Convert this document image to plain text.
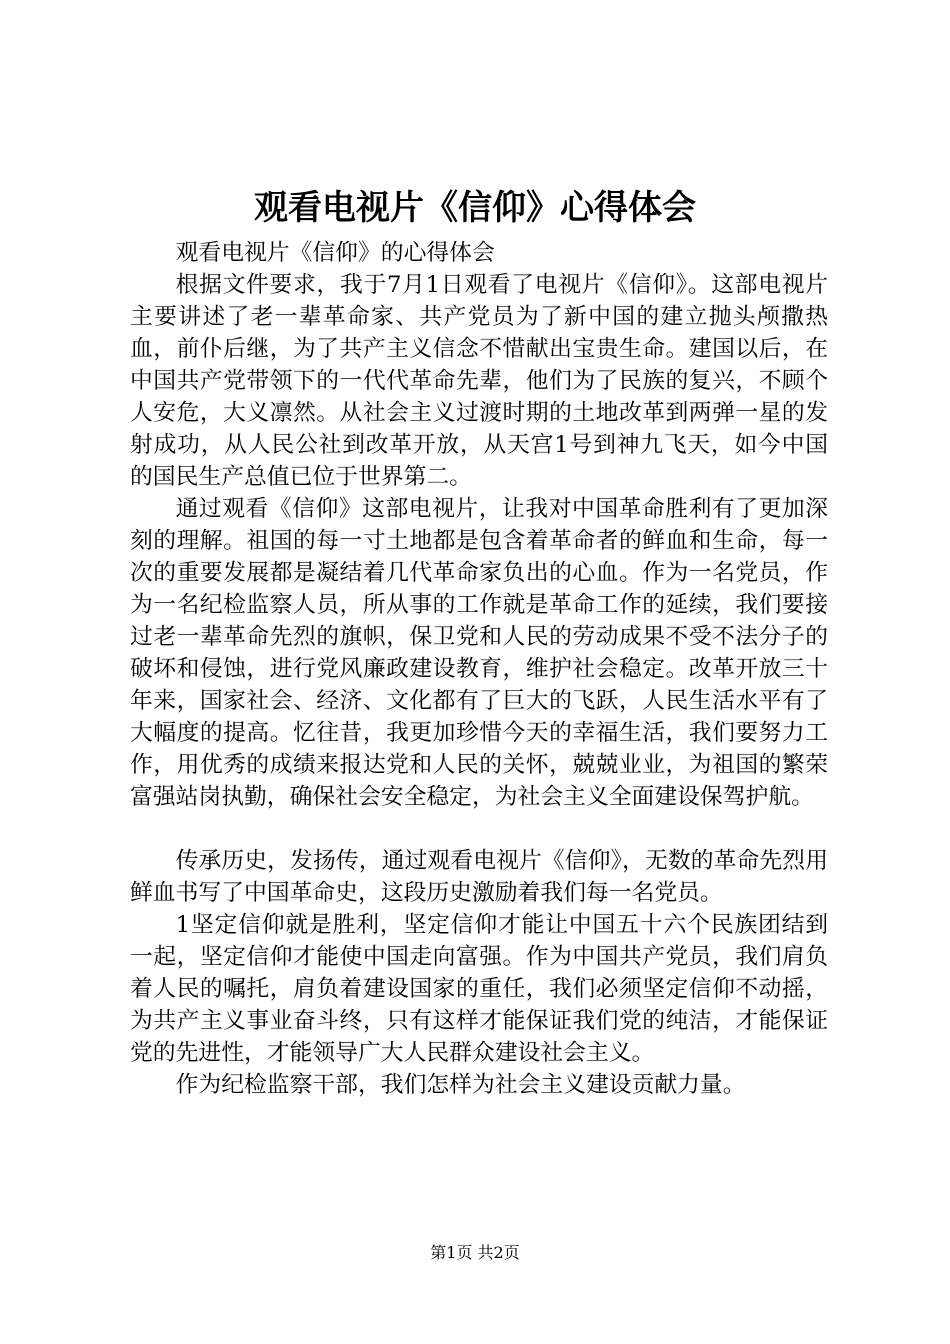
观看电视片《信仰》心得体会

观看电视片《信仰》的心得体会

根据文件要求，我于7月1日观看了电视片《信仰》。这部电视片主要讲述了老一辈革命家、共产党员为了新中国的建立抛头颅撒热血，前仆后继，为了共产主义信念不惜献出宝贵生命。建国以后，在中国共产党带领下的一代代革命先辈，他们为了民族的复兴，不顾个人安危，大义凛然。从社会主义过渡时期的土地改革到两弹一星的发射成功，从人民公社到改革开放，从天宫1号到神九飞天，如今中国的国民生产总值已位于世界第二。

通过观看《信仰》这部电视片，让我对中国革命胜利有了更加深刻的理解。祖国的每一寸土地都是包含着革命者的鲜血和生命，每一次的重要发展都是凝结着几代革命家负出的心血。作为一名党员，作为一名纪检监察人员，所从事的工作就是革命工作的延续，我们要接过老一辈革命先烈的旗帜，保卫党和人民的劳动成果不受不法分子的破坏和侵蚀，进行党风廉政建设教育，维护社会稳定。改革开放三十年来，国家社会、经济、文化都有了巨大的飞跃，人民生活水平有了大幅度的提高。忆往昔，我更加珍惜今天的幸福生活，我们要努力工作，用优秀的成绩来报达党和人民的关怀，兢兢业业，为祖国的繁荣富强站岗执勤，确保社会安全稳定，为社会主义全面建设保驾护航。

传承历史，发扬传，通过观看电视片《信仰》，无数的革命先烈用鲜血书写了中国革命史，这段历史激励着我们每一名党员。

1坚定信仰就是胜利，坚定信仰才能让中国五十六个民族团结到一起，坚定信仰才能使中国走向富强。作为中国共产党员，我们肩负着人民的嘱托，肩负着建设国家的重任，我们必须坚定信仰不动摇，为共产主义事业奋斗终，只有这样才能保证我们党的纯洁，才能保证党的先进性，才能领导广大人民群众建设社会主义。

作为纪检监察干部，我们怎样为社会主义建设贡献力量。

第1页 共2页
